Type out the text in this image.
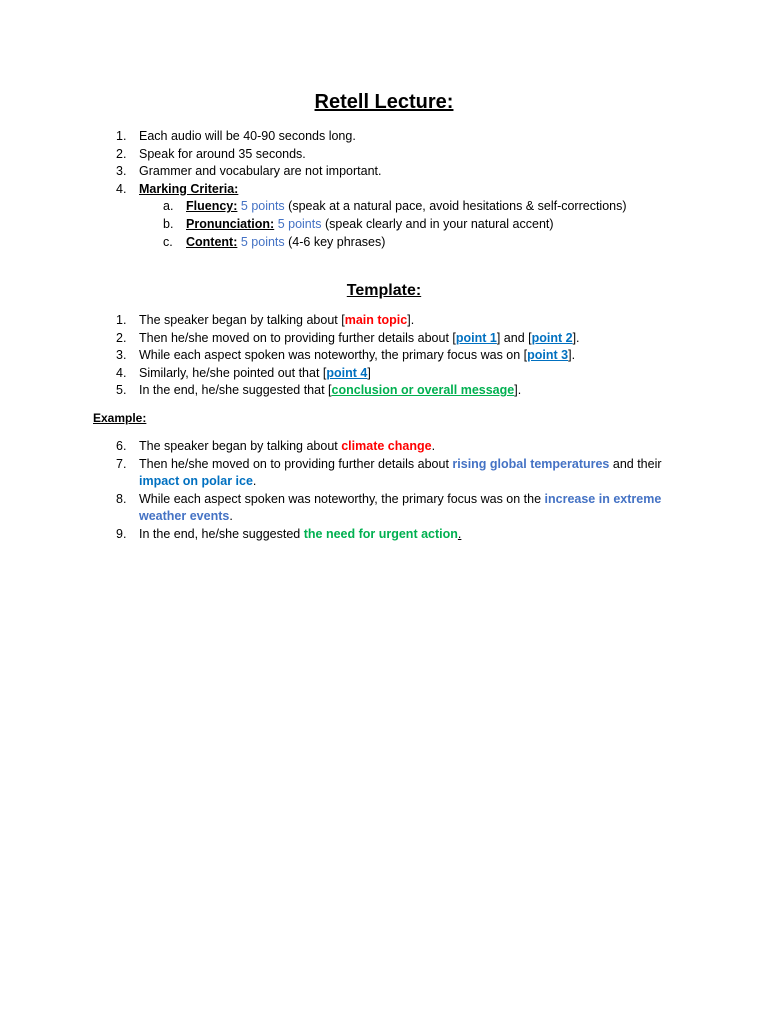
Retell Lecture:
1.	Each audio will be 40-90 seconds long.
2.	Speak for around 35 seconds.
3.	Grammer and vocabulary are not important.
4.	Marking Criteria:
a.	Fluency: 5 points (speak at a natural pace, avoid hesitations & self-corrections)
b.	Pronunciation: 5 points (speak clearly and in your natural accent)
c.	Content: 5 points (4-6 key phrases)
Template:
1.	The speaker began by talking about [main topic].
2.	Then he/she moved on to providing further details about [point 1] and [point 2].
3.	While each aspect spoken was noteworthy, the primary focus was on [point 3].
4.	Similarly, he/she pointed out that [point 4]
5.	In the end, he/she suggested that [conclusion or overall message].
Example:
6.	The speaker began by talking about climate change.
7.	Then he/she moved on to providing further details about rising global temperatures and their impact on polar ice.
8.	While each aspect spoken was noteworthy, the primary focus was on the increase in extreme weather events.
9.	In the end, he/she suggested the need for urgent action.
